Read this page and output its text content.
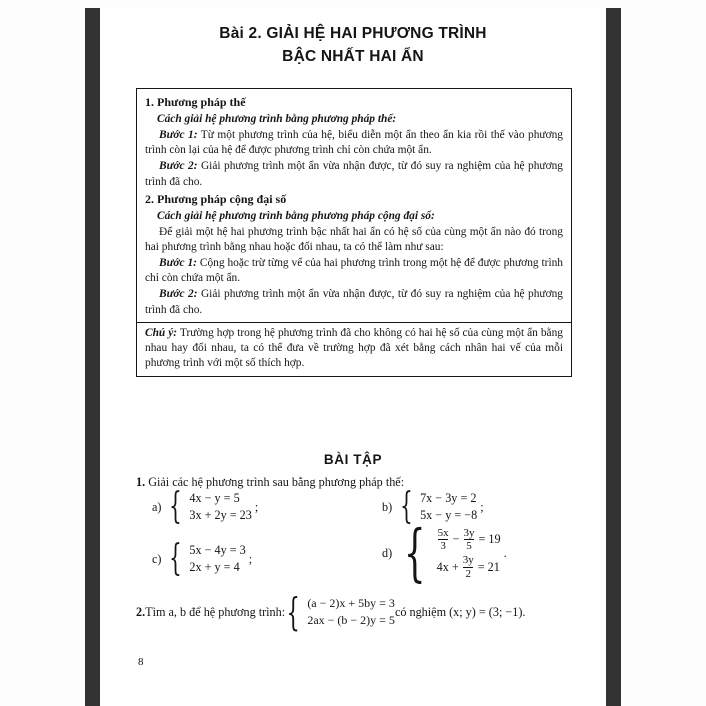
Bài 2. GIẢI HỆ HAI PHƯƠNG TRÌNH
BẬC NHẤT HAI ẨN
1. Phương pháp thế
Cách giải hệ phương trình bằng phương pháp thế:
Bước 1: Từ một phương trình của hệ, biểu diễn một ẩn theo ẩn kia rồi thế vào phương trình còn lại của hệ để được phương trình chỉ còn chứa một ẩn.
Bước 2: Giải phương trình một ẩn vừa nhận được, từ đó suy ra nghiệm của hệ phương trình đã cho.
2. Phương pháp cộng đại số
Cách giải hệ phương trình bằng phương pháp cộng đại số:
Để giải một hệ hai phương trình bậc nhất hai ẩn có hệ số của cùng một ẩn nào đó trong hai phương trình bằng nhau hoặc đối nhau, ta có thể làm như sau:
Bước 1: Cộng hoặc trừ từng vế của hai phương trình trong một hệ để được phương trình chỉ còn chứa một ẩn.
Bước 2: Giải phương trình một ẩn vừa nhận được, từ đó suy ra nghiệm của hệ phương trình đã cho.
Chú ý: Trường hợp trong hệ phương trình đã cho không có hai hệ số của cùng một ẩn bằng nhau hay đối nhau, ta có thể đưa về trường hợp đã xét bằng cách nhân hai vế của mỗi phương trình với một số thích hợp.
BÀI TẬP
1. Giải các hệ phương trình sau bằng phương pháp thế:
a) { 4x − y = 5
3x + 2y = 23
;	b) { 7x − 3y = 2
5x − y = −8
;
c) { 5x − 4y = 3
2x + y = 4
;	d) { $\frac{5x}{3} - \frac{3y}{5} = 19$
$4x + \frac{3y}{2} = 21$
.
2. Tìm a, b để hệ phương trình: { (a − 2)x + 5by = 3
2ax − (b − 2)y = 5
có nghiệm (x; y) = (3; −1).
8
